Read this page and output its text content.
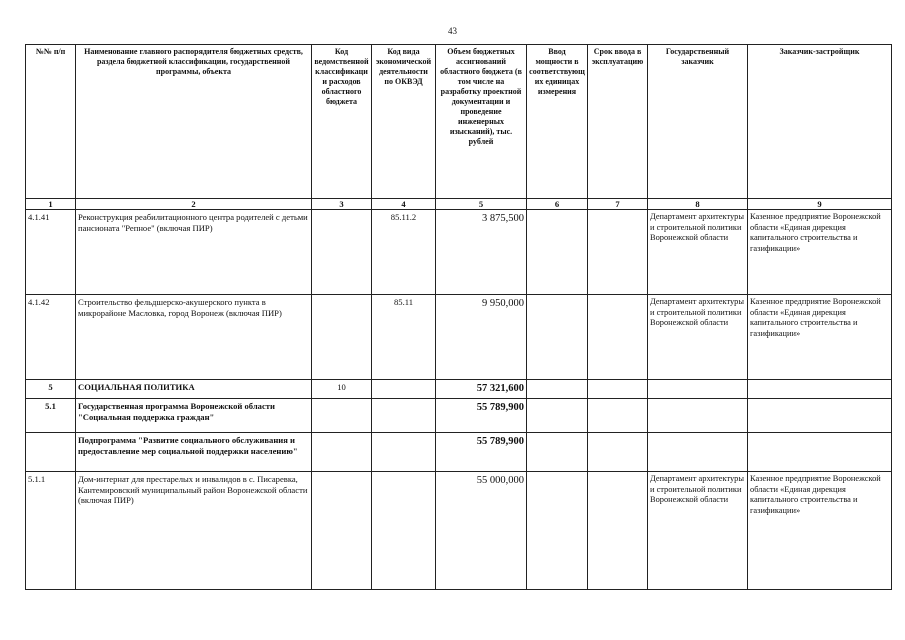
43
№№ п/п	Наименование главного распорядителя бюджетных средств, раздела бюджетной классификации, государственной программы, объекта	Код ведомственной классификации расходов областного бюджета	Код вида экономической деятельности по ОКВЭД	Объем бюджетных ассигнований областного бюджета (в том числе на разработку проектной документации и проведение инженерных изысканий), тыс. рублей	Ввод мощности в соответствующих единицах измерения	Срок ввода в эксплуатацию	Государственный заказчик	Заказчик-застройщик
1	2	3	4	5	6	7	8	9
4.1.41	Реконструкция реабилитационного центра родителей с детьми пансионата "Репное" (включая ПИР)		85.11.2	3 875,500			Департамент архитектуры и строительной политики Воронежской области	Казенное предприятие Воронежской области «Единая дирекция капитального строительства и газификации»
4.1.42	Строительство фельдшерско-акушерского пункта в микрорайоне Масловка, город Воронеж (включая ПИР)		85.11	9 950,000			Департамент архитектуры и строительной политики Воронежской области	Казенное предприятие Воронежской области «Единая дирекция капитального строительства и газификации»
5	СОЦИАЛЬНАЯ ПОЛИТИКА	10		57 321,600				
5.1	Государственная программа Воронежской области "Социальная поддержка граждан"			55 789,900				
	Подпрограмма "Развитие социального обслуживания и предоставление мер социальной поддержки населению"			55 789,900				
5.1.1	Дом-интернат для престарелых и инвалидов в с. Писаревка, Кантемировский муниципальный район Воронежской области (включая ПИР)			55 000,000			Департамент архитектуры и строительной политики Воронежской области	Казенное предприятие Воронежской области «Единая дирекция капитального строительства и газификации»
